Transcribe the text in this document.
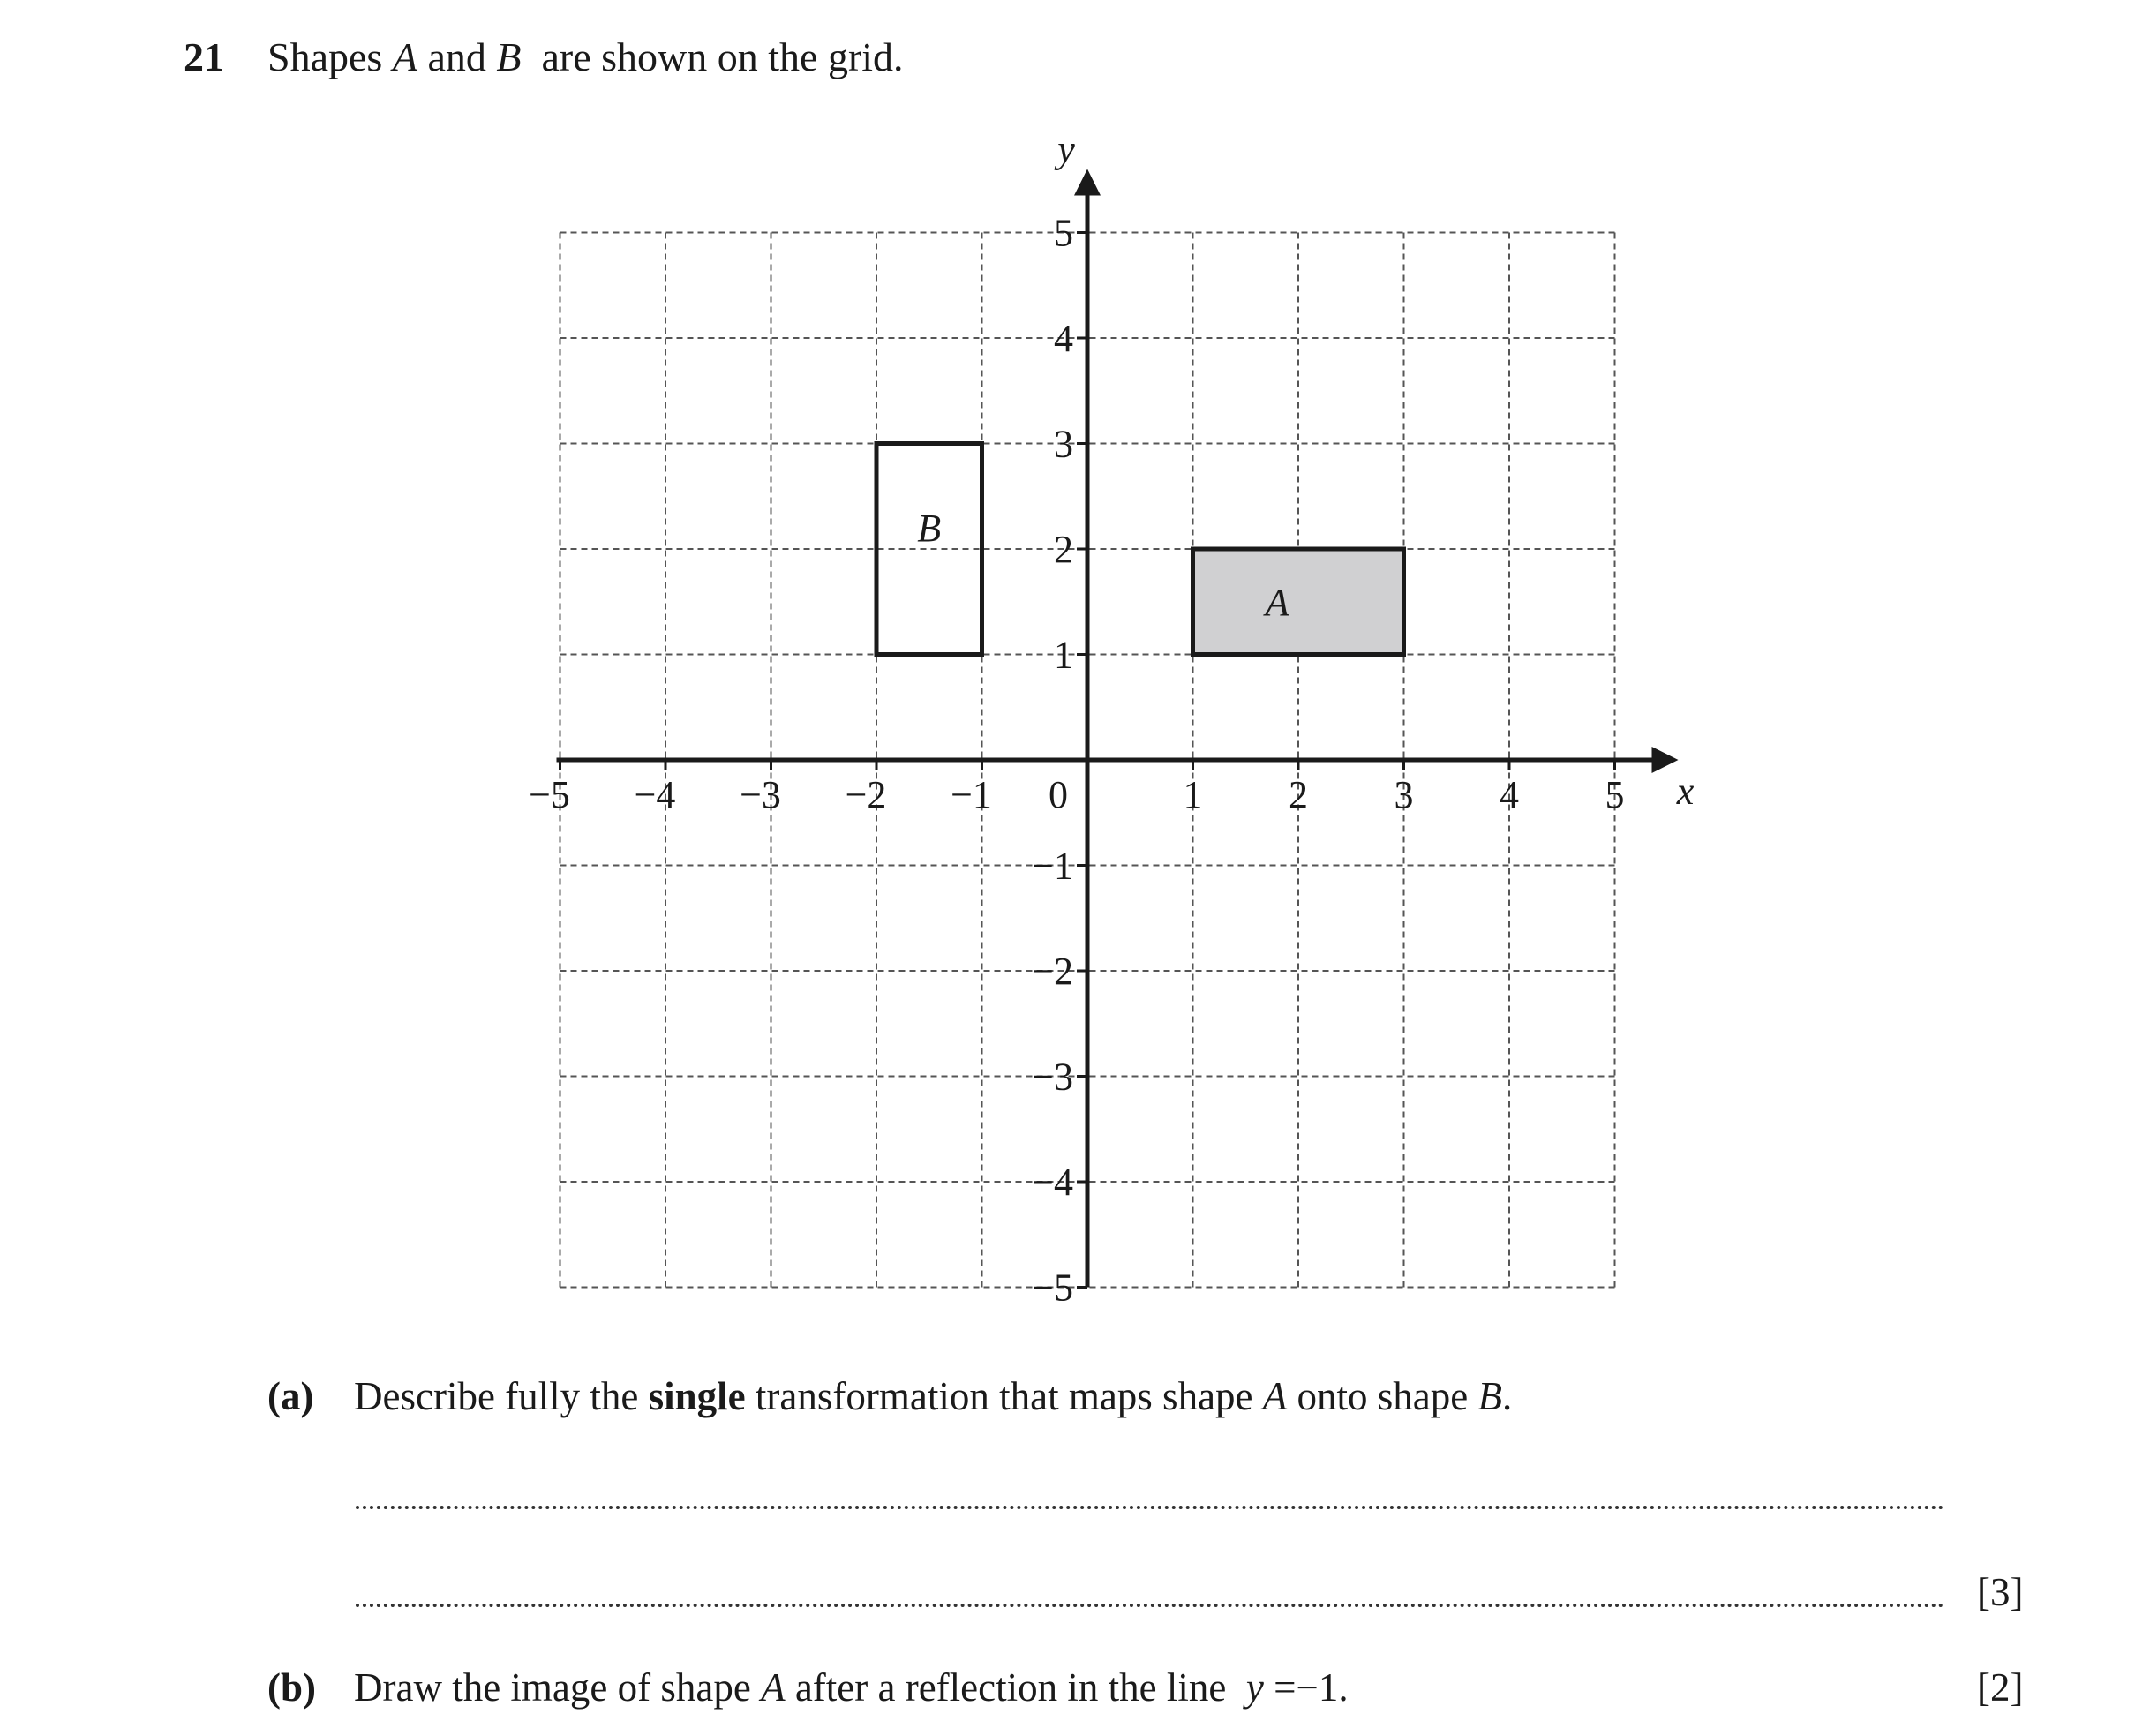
21 Shapes A and B  are shown on the grid.
A
B
−5 −4 −3 −2 −1 0	1 2 3 4 5
−5
−4
−3
−2
−1
1
2
3
4
5
x
y
(a) Describe fully the single transformation that maps shape A onto shape B.
[3]
(b) Draw the image of shape A after a reflection in the line  y =−1.	[2]
